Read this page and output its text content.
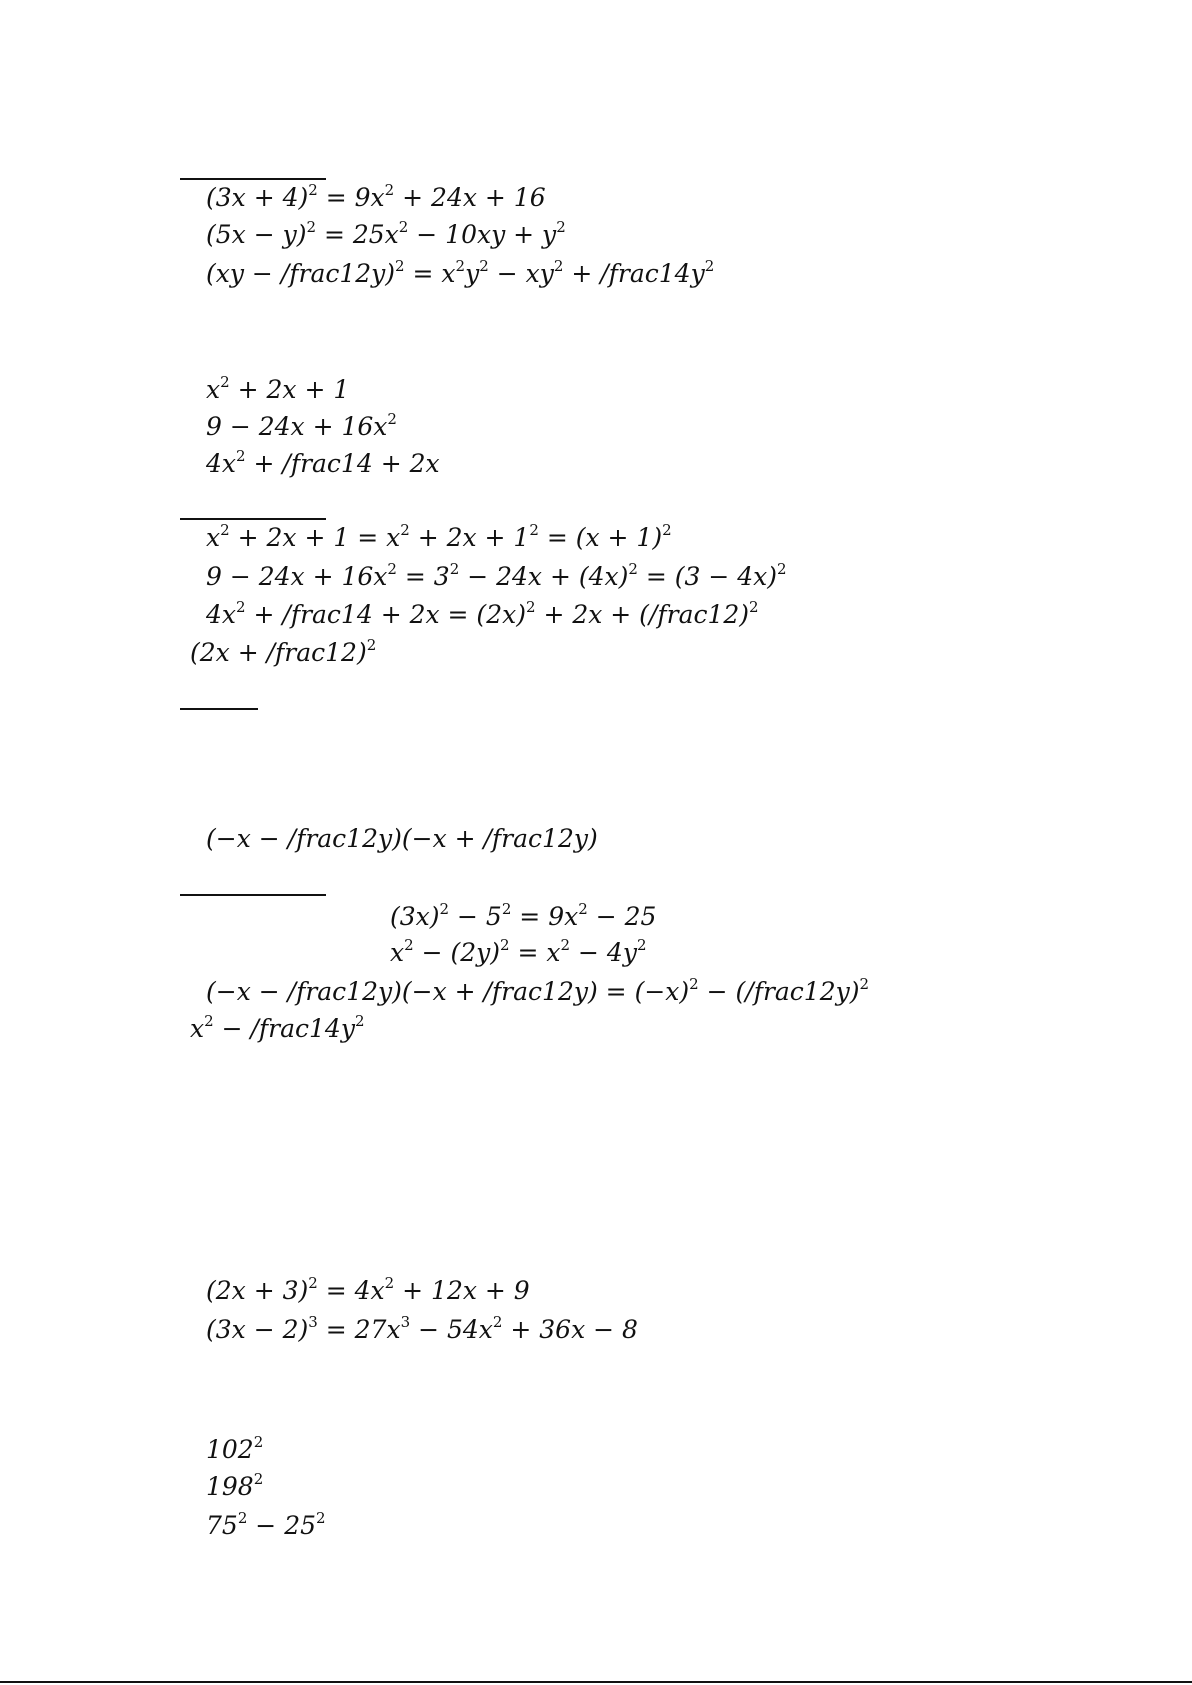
$(3x + 4)^2 = 9x^2 + 24x + 16$
$(5x - y)^2 = 25x^2 - 10xy + y^2$
(xy − /frac12y)$^2$ = $x^2y^2 - xy^2$ + $/frac14y^2$
$x^2 + 2x + 1$
$9 - 24x + 16x^2$
$4x^2$ + /frac14 + 2x
$x^2 + 2x + 1 = x^2 + 2x + 1^2 = (x + 1)^2$
$9 - 24x + 16x^2 = 3^2 - 24x + (4x)^2 = (3 - 4x)^2$
$4x^2$ + /frac14 + $2x = (2x)^2 + 2x$ + (/frac12)$^2$
(2x + /frac12)$^2$
(−x − /frac12y)(−x + /frac12y)
$(3x)^2 - 5^2 = 9x^2 - 25$
$x^2 - (2y)^2 = x^2 - 4y^2$
(−x − /frac12y)(−x + /frac12y) = $(-x)^2$ − (/frac12y)$^2$
$x^2$ − $/frac14y^2$
$(2x + 3)^2 = 4x^2 + 12x + 9$
$(3x - 2)^3 = 27x^3 - 54x^2 + 36x - 8$
$102^2$
$198^2$
$75^2 - 25^2$
